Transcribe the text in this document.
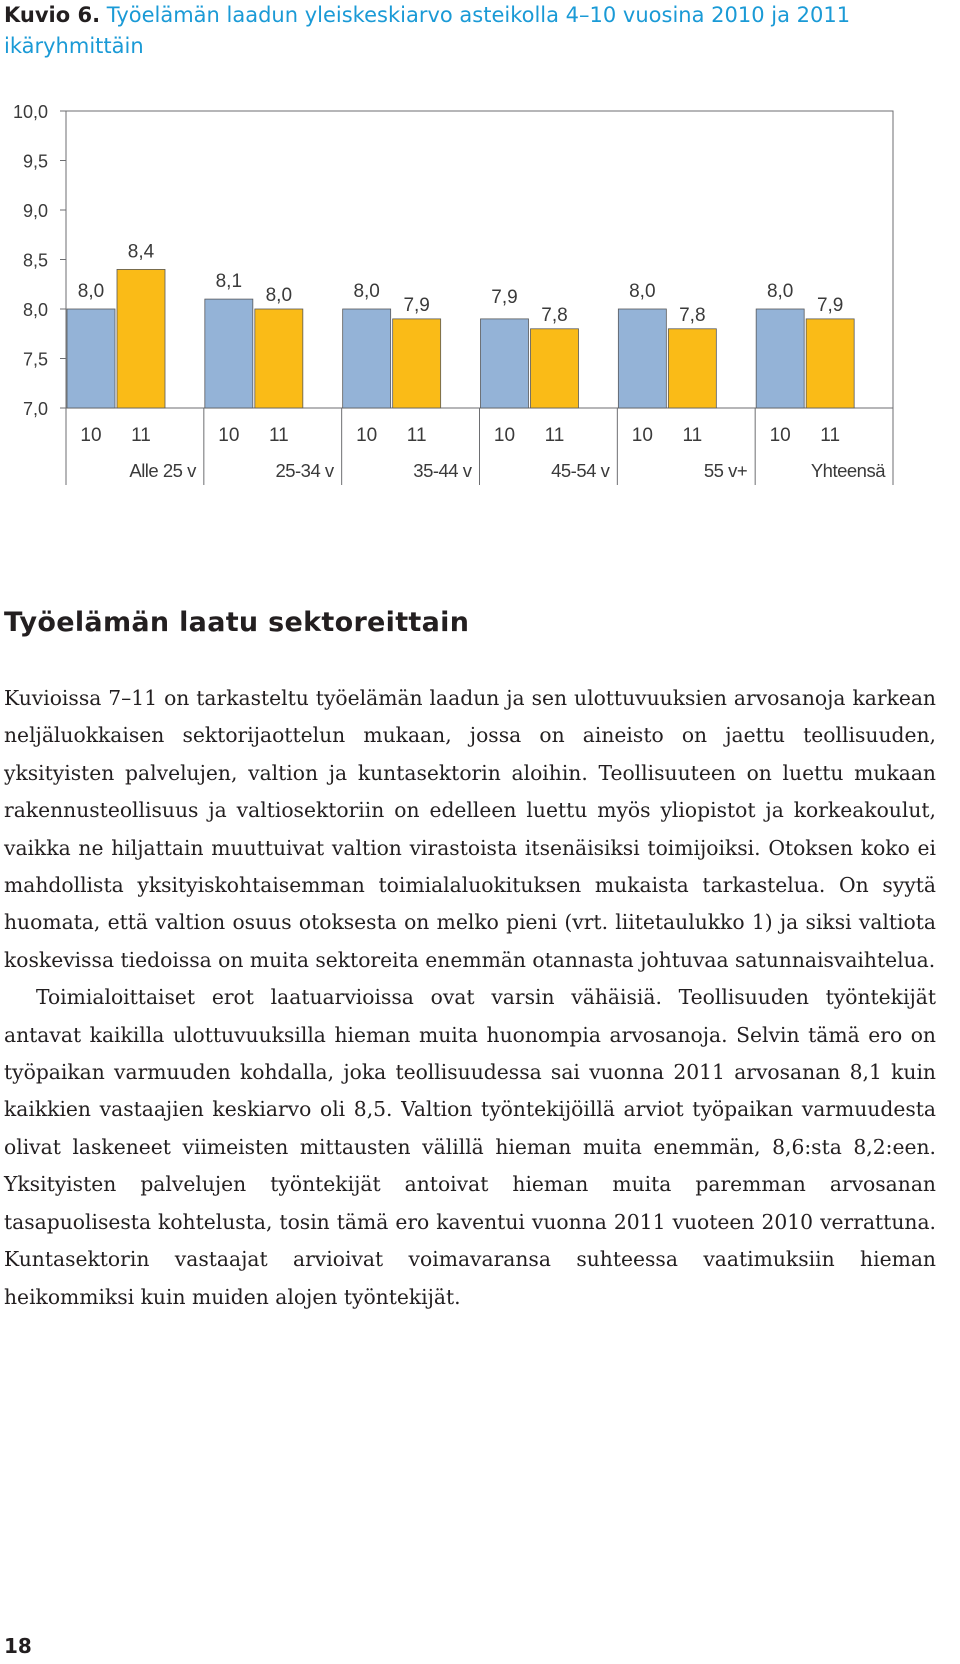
Kuvio 6. Työelämän laadun yleiskeskiarvo asteikolla 4–10 vuosina 2010 ja 2011 ikäryhmittäin
10,0
9,5
9,0
8,5
8,0
7,5
7,0
8,0
10
8,4
11
Alle 25 v
8,1
10
8,0
11
25-34 v
8,0
10
7,9
11
35-44 v
7,9
10
7,8
11
45-54 v
8,0
10
7,8
11
55 v+
8,0
10
7,9
11
Yhteensä
Työelämän laatu sektoreittain

Kuvioissa 7–11 on tarkasteltu työelämän laadun ja sen ulottuvuuksien arvosanoja karkean neljäluokkaisen sektorijaottelun mukaan, jossa on aineisto on jaettu teollisuuden, yksityisten palvelujen, valtion ja kuntasektorin aloihin. Teollisuuteen on luettu mukaan rakennusteollisuus ja valtiosektoriin on edelleen luettu myös yliopistot ja korkeakoulut, vaikka ne hiljattain muuttuivat valtion virastoista itsenäisiksi toimijoiksi. Otoksen koko ei mahdollista yksityiskohtaisemman toimialaluokituksen mukaista tarkastelua. On syytä huomata, että valtion osuus otoksesta on melko pieni (vrt. liitetaulukko 1) ja siksi valtiota koskevissa tiedoissa on muita sektoreita enemmän otannasta johtuvaa satunnaisvaihtelua.

Toimialoittaiset erot laatuarvioissa ovat varsin vähäisiä. Teollisuuden työntekijät antavat kaikilla ulottuvuuksilla hieman muita huonompia arvosanoja. Selvin tämä ero on työpaikan varmuuden kohdalla, joka teollisuudessa sai vuonna 2011 arvosanan 8,1 kuin kaikkien vastaajien keskiarvo oli 8,5. Valtion työntekijöillä arviot työpaikan varmuudesta olivat laskeneet viimeisten mittausten välillä hieman muita enemmän, 8,6:sta 8,2:een. Yksityisten palvelujen työntekijät antoivat hieman muita paremman arvosanan tasapuolisesta kohtelusta, tosin tämä ero kaventui vuonna 2011 vuoteen 2010 verrattuna. Kuntasektorin vastaajat arvioivat voimavaransa suhteessa vaatimuksiin hieman heikommiksi kuin muiden alojen työntekijät.

18
